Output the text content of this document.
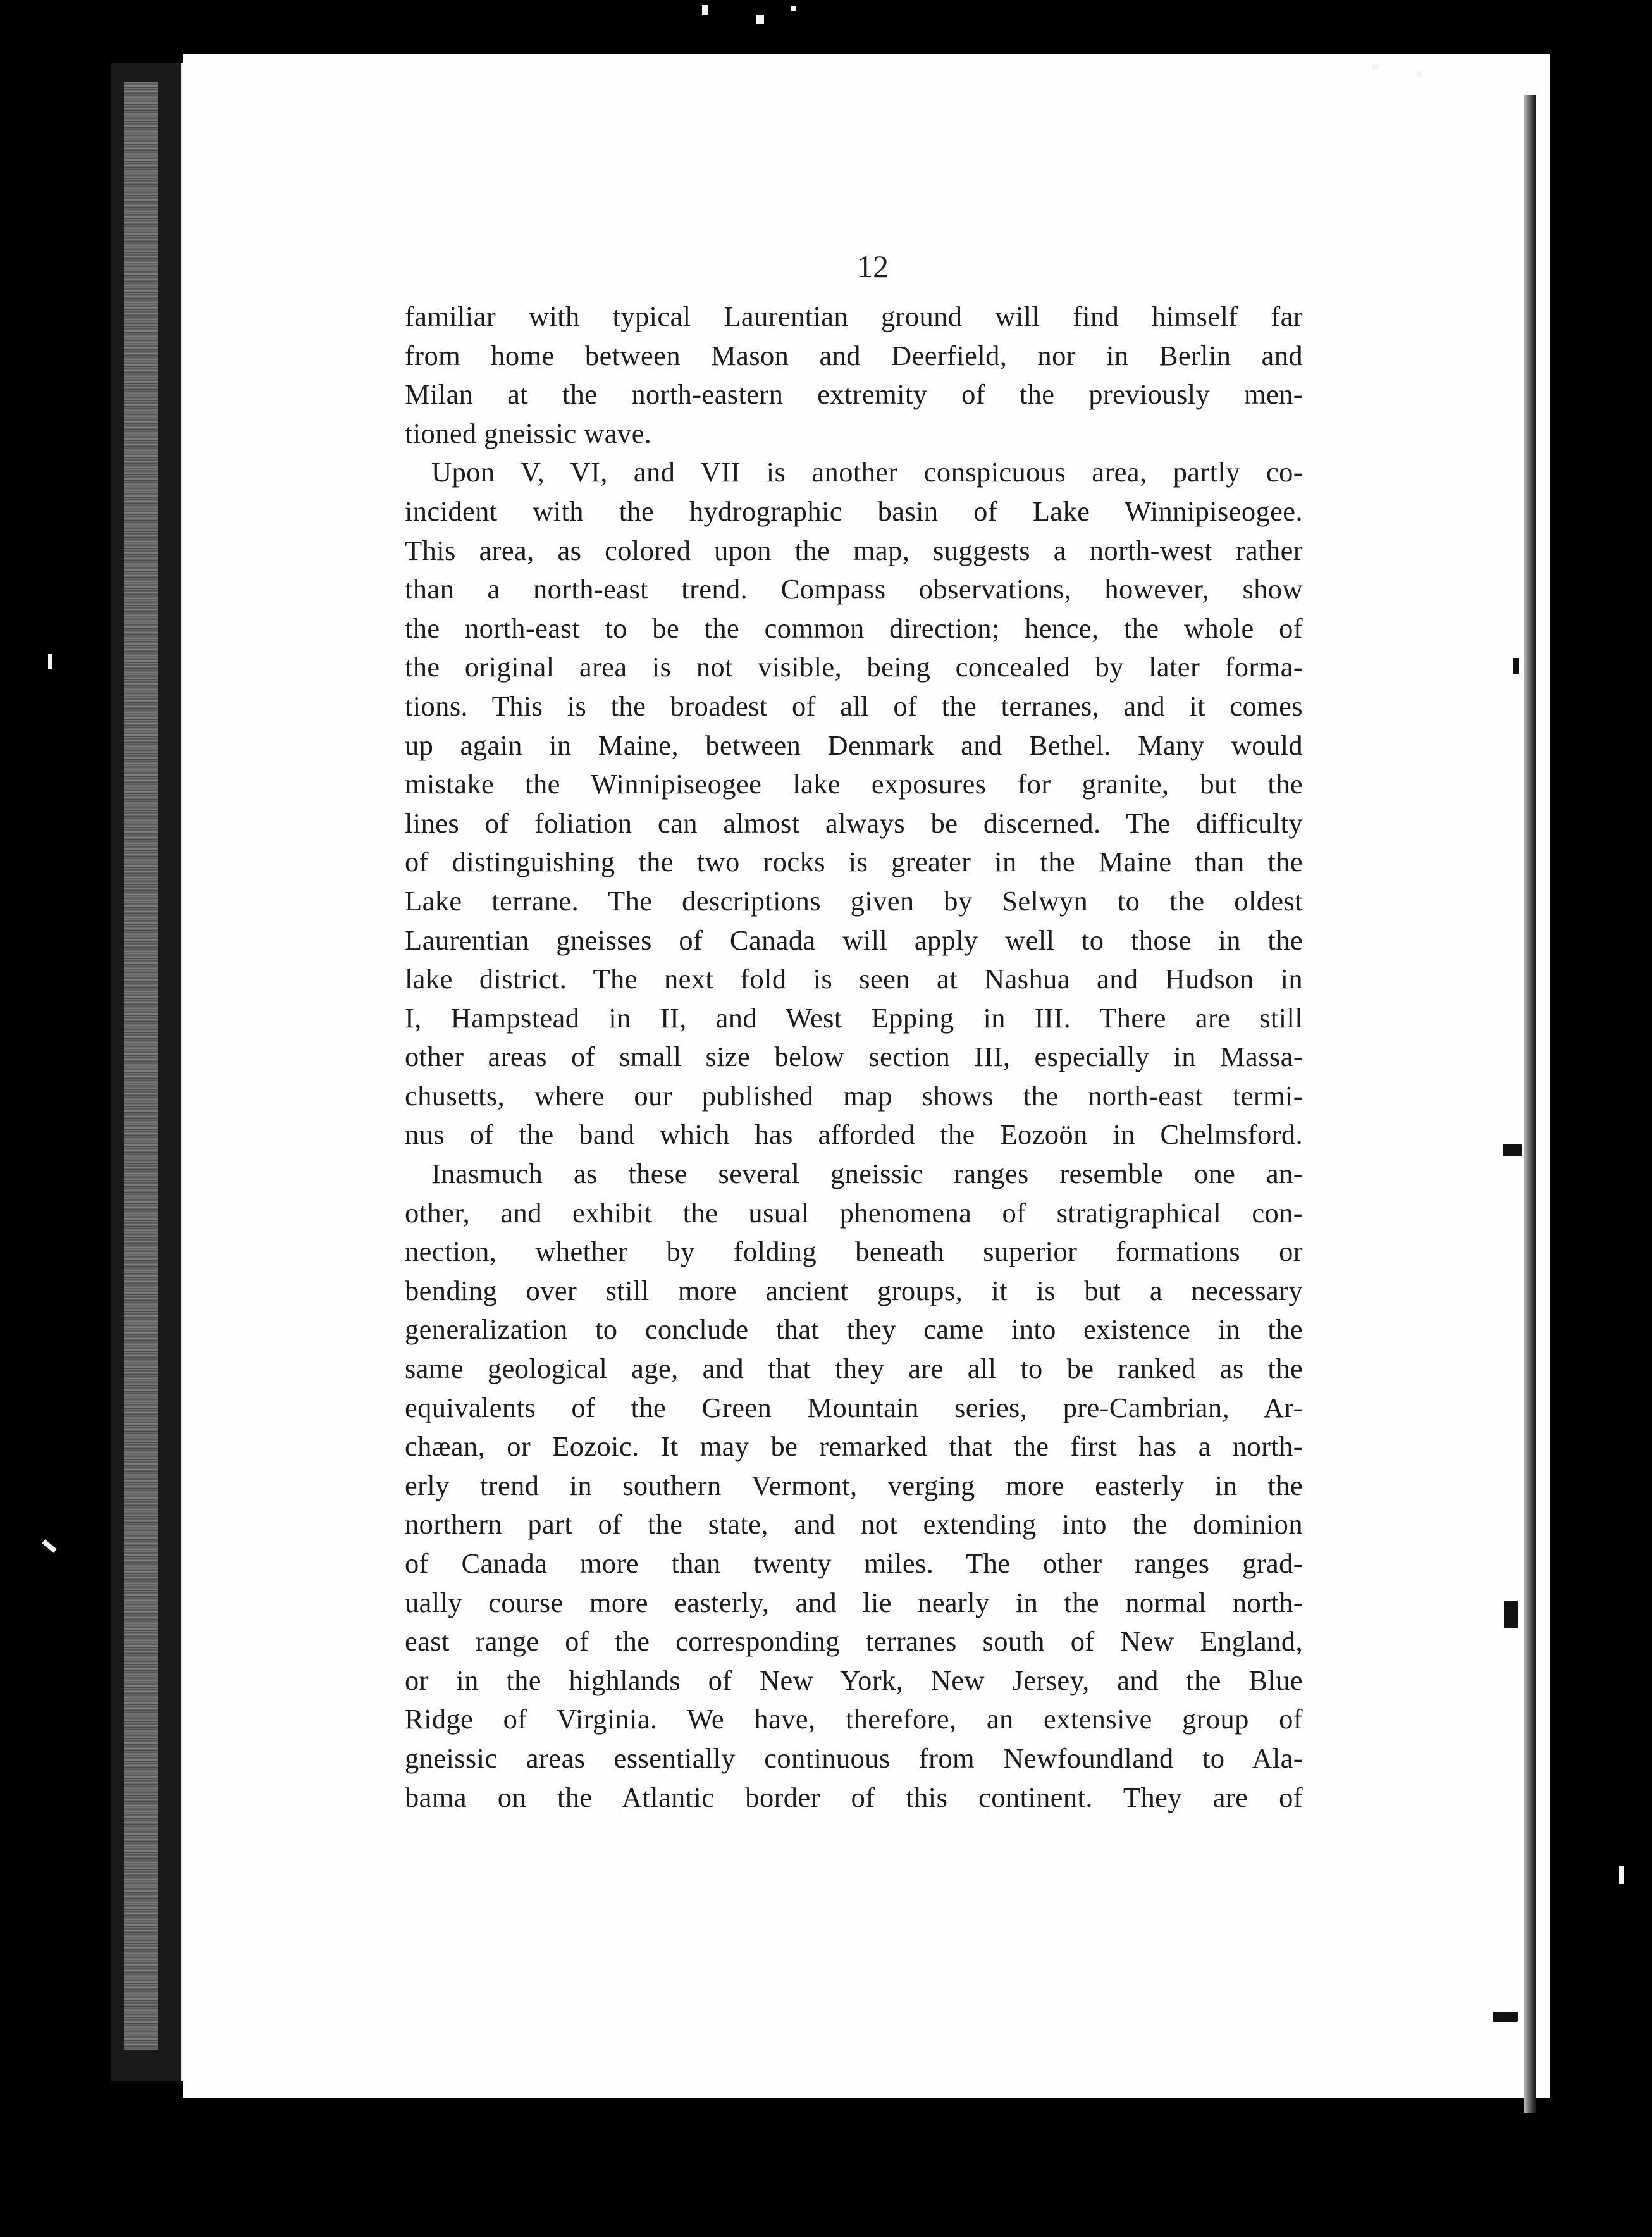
12
familiar with typical Laurentian ground will find himself far
from home between Mason and Deerfield, nor in Berlin and
Milan at the north-eastern extremity of the previously men-
tioned gneissic wave.
Upon V, VI, and VII is another conspicuous area, partly co-
incident with the hydrographic basin of Lake Winnipiseogee.
This area, as colored upon the map, suggests a north-west rather
than a north-east trend. Compass observations, however, show
the north-east to be the common direction; hence, the whole of
the original area is not visible, being concealed by later forma-
tions. This is the broadest of all of the terranes, and it comes
up again in Maine, between Denmark and Bethel. Many would
mistake the Winnipiseogee lake exposures for granite, but the
lines of foliation can almost always be discerned. The difficulty
of distinguishing the two rocks is greater in the Maine than the
Lake terrane. The descriptions given by Selwyn to the oldest
Laurentian gneisses of Canada will apply well to those in the
lake district. The next fold is seen at Nashua and Hudson in
I, Hampstead in II, and West Epping in III. There are still
other areas of small size below section III, especially in Massa-
chusetts, where our published map shows the north-east termi-
nus of the band which has afforded the Eozoön in Chelmsford.
Inasmuch as these several gneissic ranges resemble one an-
other, and exhibit the usual phenomena of stratigraphical con-
nection, whether by folding beneath superior formations or
bending over still more ancient groups, it is but a necessary
generalization to conclude that they came into existence in the
same geological age, and that they are all to be ranked as the
equivalents of the Green Mountain series, pre-Cambrian, Ar-
chæan, or Eozoic. It may be remarked that the first has a north-
erly trend in southern Vermont, verging more easterly in the
northern part of the state, and not extending into the dominion
of Canada more than twenty miles. The other ranges grad-
ually course more easterly, and lie nearly in the normal north-
east range of the corresponding terranes south of New England,
or in the highlands of New York, New Jersey, and the Blue
Ridge of Virginia. We have, therefore, an extensive group of
gneissic areas essentially continuous from Newfoundland to Ala-
bama on the Atlantic border of this continent. They are of
